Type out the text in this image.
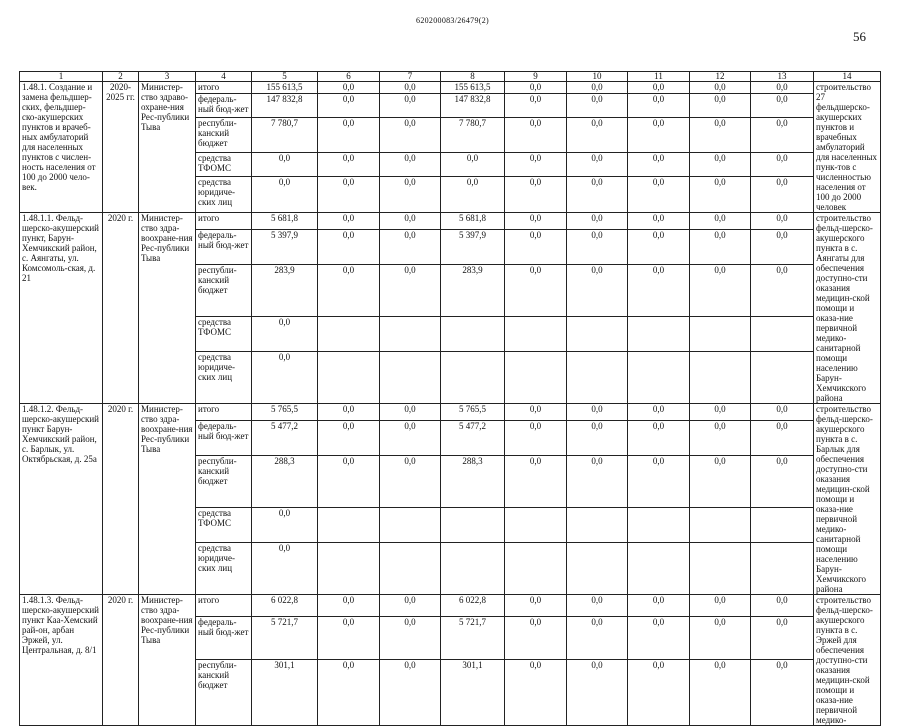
620200083/26479(2)
56
1	2	3	4	5	6	7	8	9	10	11	12	13	14
1.48.1. Создание и замена фельдшер-ских, фельдшер-ско-акушерских пунктов и врачеб-ных амбулаторий для населенных пунктов с числен-ность населения от 100 до 2000 чело-век.	2020-2025 гг.	Министер-ство здраво-охране-ния Рес-публики Тыва	итого	155 613,5	0,0	0,0	155 613,5	0,0	0,0	0,0	0,0	0,0	строительство 27 фельдшерско-акушерских пунктов и врачебных амбулаторий для населенных пунк-тов с численностью населения от 100 до 2000 человек
			федераль-ный бюд-жет	147 832,8	0,0	0,0	147 832,8	0,0	0,0	0,0	0,0	0,0	
			республи-канский бюджет	7 780,7	0,0	0,0	7 780,7	0,0	0,0	0,0	0,0	0,0	
			средства ТФОМС	0,0	0,0	0,0	0,0	0,0	0,0	0,0	0,0	0,0	
			средства юридиче-ских лиц	0,0	0,0	0,0	0,0	0,0	0,0	0,0	0,0	0,0	
1.48.1.1. Фельд-шерско-акушерский пункт, Барун-Хемчикский район, с. Аянгаты, ул. Комсомоль-ская, д. 21	2020 г.	Министер-ство здра-воохране-ния Рес-публики Тыва	итого	5 681,8	0,0	0,0	5 681,8	0,0	0,0	0,0	0,0	0,0	строительство фельд-шерско-акушерского пункта в с. Аянгаты для обеспечения доступно-сти оказания медицин-ской помощи и оказа-ние первичной медико-санитарной помощи населению Барун-Хемчикского района
			федераль-ный бюд-жет	5 397,9	0,0	0,0	5 397,9	0,0	0,0	0,0	0,0	0,0	
			республи-канский бюджет	283,9	0,0	0,0	283,9	0,0	0,0	0,0	0,0	0,0	
			средства ТФОМС	0,0									
			средства юридиче-ских лиц	0,0									
1.48.1.2. Фельд-шерско-акушерский пункт Барун-Хемчикский район, с. Барлык, ул. Октябрьская, д. 25а	2020 г.	Министер-ство здра-воохране-ния Рес-публики Тыва	итого	5 765,5	0,0	0,0	5 765,5	0,0	0,0	0,0	0,0	0,0	строительство фельд-шерско-акушерского пункта в с. Барлык для обеспечения доступно-сти оказания медицин-ской помощи и оказа-ние первичной медико-санитарной помощи населению Барун-Хемчикского района
			федераль-ный бюд-жет	5 477,2	0,0	0,0	5 477,2	0,0	0,0	0,0	0,0	0,0	
			республи-канский бюджет	288,3	0,0	0,0	288,3	0,0	0,0	0,0	0,0	0,0	
			средства ТФОМС	0,0									
			средства юридиче-ских лиц	0,0									
1.48.1.3. Фельд-шерско-акушерский пункт Каа-Хемский рай-он, арбан Эржей, ул. Центральная, д. 8/1	2020 г.	Министер-ство здра-воохране-ния Рес-публики Тыва	итого	6 022,8	0,0	0,0	6 022,8	0,0	0,0	0,0	0,0	0,0	строительство фельд-шерско-акушерского пункта в с. Эржей для обеспечения доступно-сти оказания медицин-ской помощи и оказа-ние первичной медико-
			федераль-ный бюд-жет	5 721,7	0,0	0,0	5 721,7	0,0	0,0	0,0	0,0	0,0	
			республи-канский бюджет	301,1	0,0	0,0	301,1	0,0	0,0	0,0	0,0	0,0	
